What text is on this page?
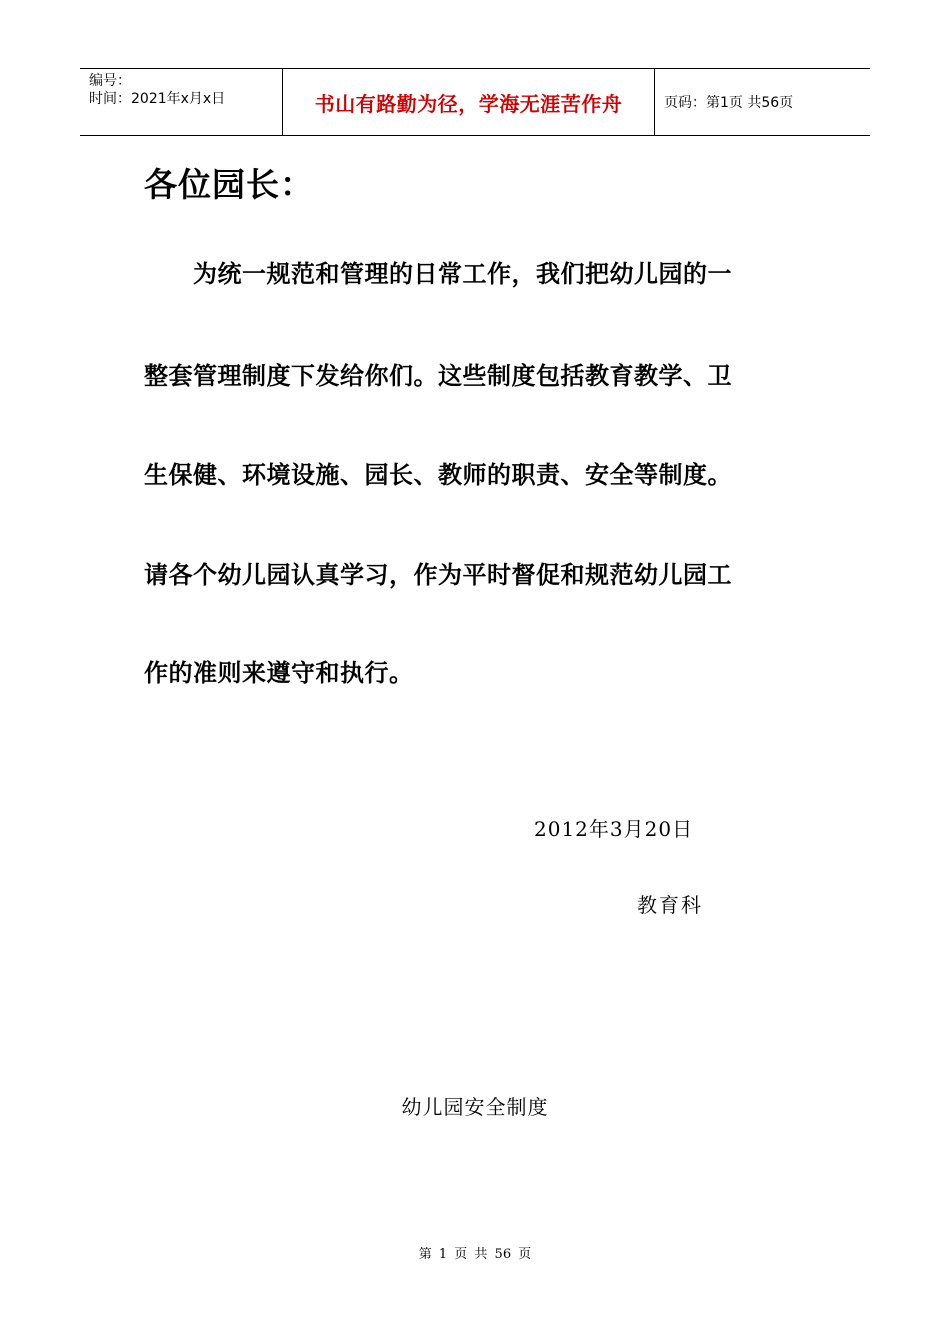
编号：
时间：2021年x月x日	书山有路勤为径，学海无涯苦作舟	页码：第1页 共56页
各位园长：
　　为统一规范和管理的日常工作，我们把幼儿园的一
整套管理制度下发给你们。这些制度包括教育教学、卫
生保健、环境设施、园长、教师的职责、安全等制度。
请各个幼儿园认真学习，作为平时督促和规范幼儿园工
作的准则来遵守和执行。
2012年3月20日
教育科
幼儿园安全制度
第 1 页 共 56 页
